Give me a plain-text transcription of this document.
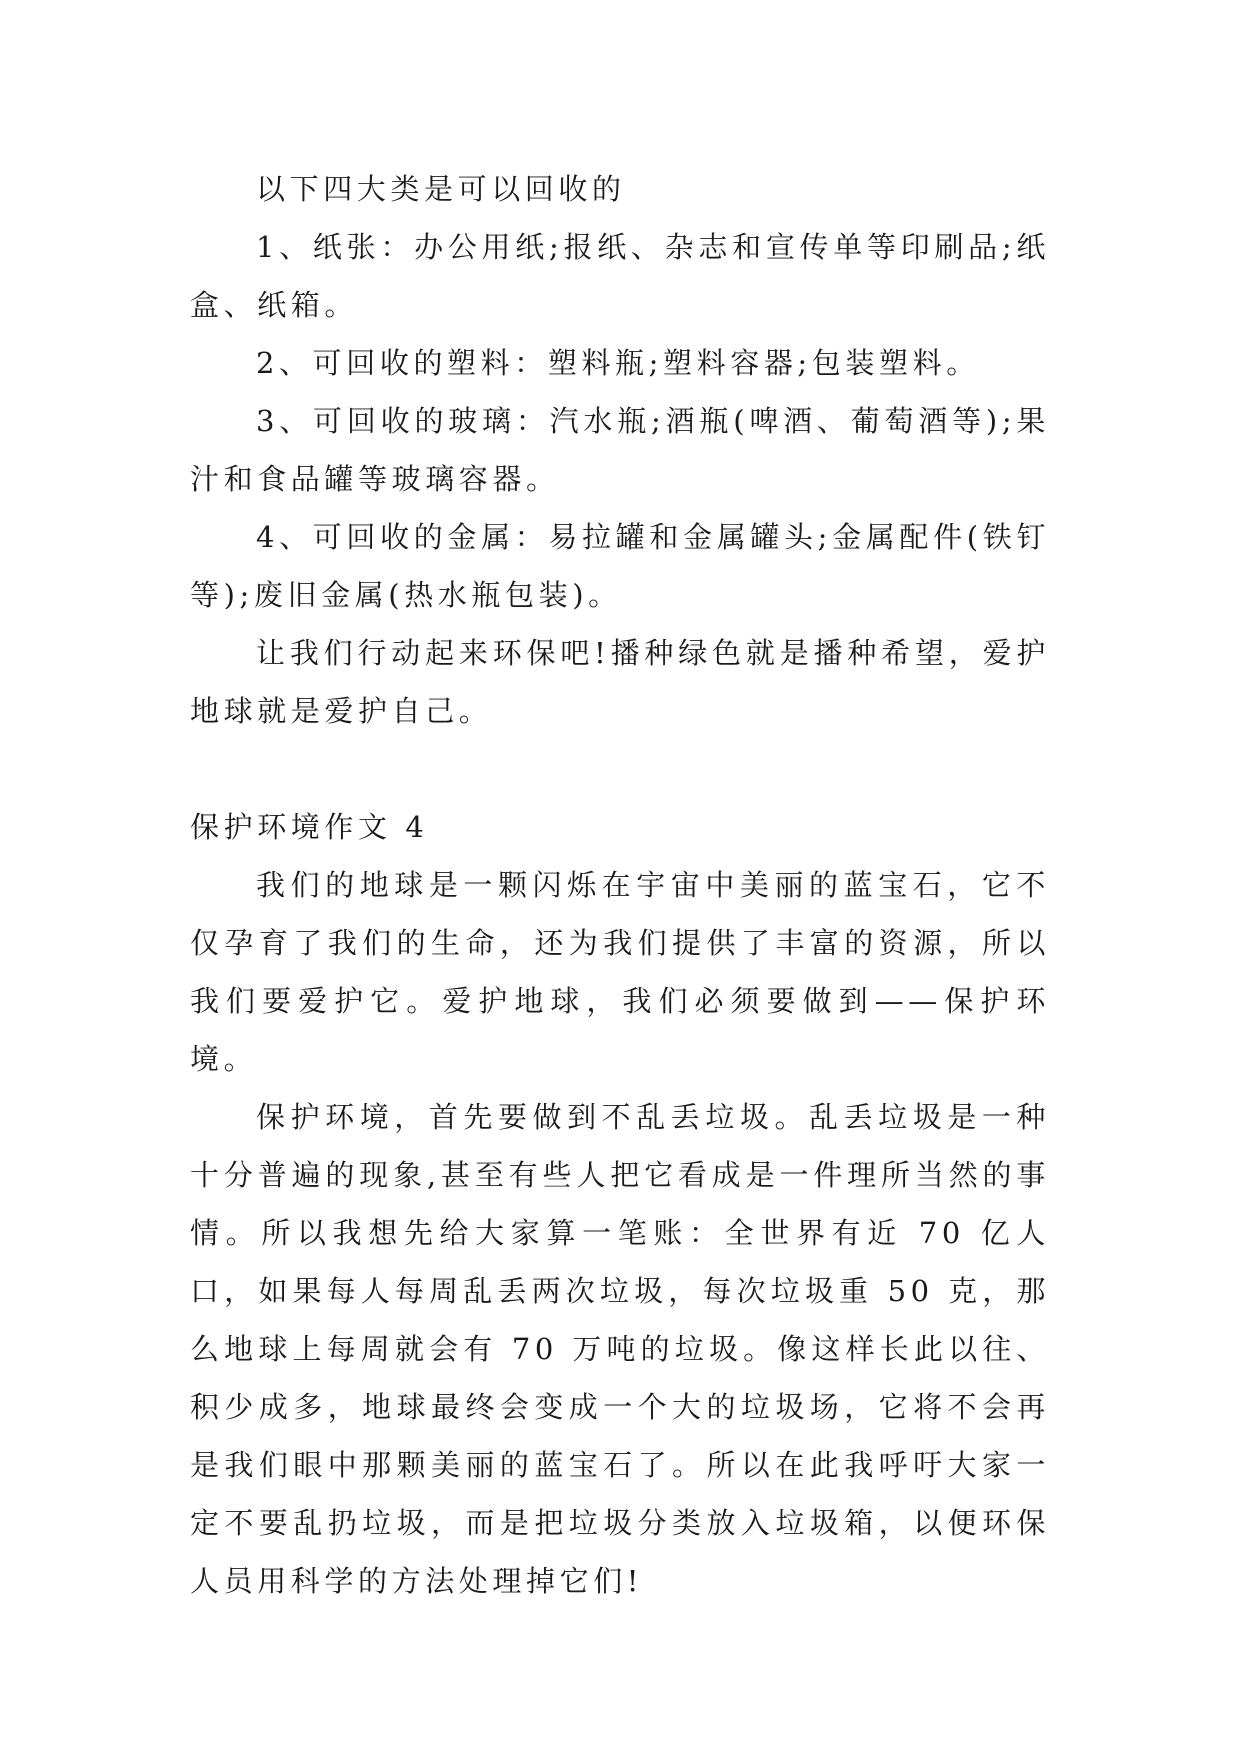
以下四大类是可以回收的

1、纸张：办公用纸;报纸、杂志和宣传单等印刷品;纸盒、纸箱。

2、可回收的塑料：塑料瓶;塑料容器;包装塑料。

3、可回收的玻璃：汽水瓶;酒瓶(啤酒、葡萄酒等);果汁和食品罐等玻璃容器。

4、可回收的金属：易拉罐和金属罐头;金属配件(铁钉等);废旧金属(热水瓶包装)。

让我们行动起来环保吧!播种绿色就是播种希望，爱护地球就是爱护自己。

保护环境作文 4

我们的地球是一颗闪烁在宇宙中美丽的蓝宝石，它不仅孕育了我们的生命，还为我们提供了丰富的资源，所以我们要爱护它。爱护地球，我们必须要做到——保护环境。

保护环境，首先要做到不乱丢垃圾。乱丢垃圾是一种十分普遍的现象,甚至有些人把它看成是一件理所当然的事情。所以我想先给大家算一笔账：全世界有近 70 亿人口，如果每人每周乱丢两次垃圾，每次垃圾重 50 克，那么地球上每周就会有 70 万吨的垃圾。像这样长此以往、积少成多，地球最终会变成一个大的垃圾场，它将不会再是我们眼中那颗美丽的蓝宝石了。所以在此我呼吁大家一定不要乱扔垃圾，而是把垃圾分类放入垃圾箱，以便环保人员用科学的方法处理掉它们!
